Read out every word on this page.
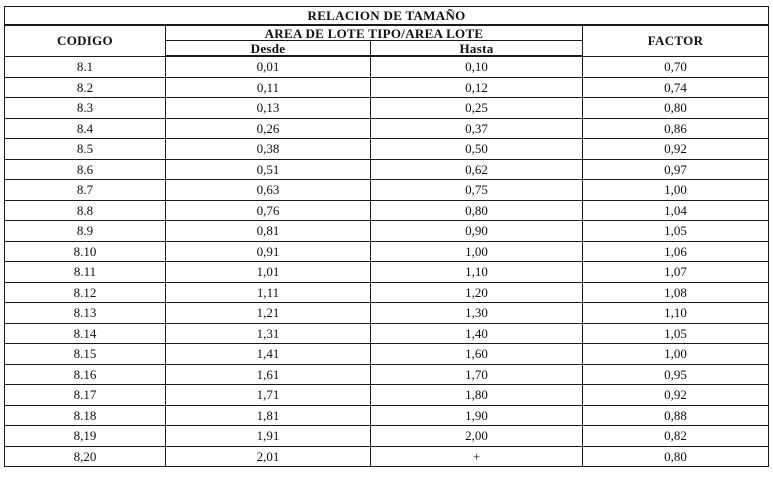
RELACION DE TAMAÑO			
CODIGO	AREA DE LOTE TIPO/AREA LOTE		FACTOR
	Desde	Hasta	
8.1	0,01	0,10	0,70
8.2	0,11	0,12	0,74
8.3	0,13	0,25	0,80
8.4	0,26	0,37	0,86
8.5	0,38	0,50	0,92
8.6	0,51	0,62	0,97
8.7	0,63	0,75	1,00
8.8	0,76	0,80	1,04
8.9	0,81	0,90	1,05
8.10	0,91	1,00	1,06
8.11	1,01	1,10	1,07
8.12	1,11	1,20	1,08
8.13	1,21	1,30	1,10
8.14	1,31	1,40	1,05
8.15	1,41	1,60	1,00
8.16	1,61	1,70	0,95
8.17	1,71	1,80	0,92
8.18	1,81	1,90	0,88
8,19	1,91	2,00	0,82
8,20	2,01	+	0,80
